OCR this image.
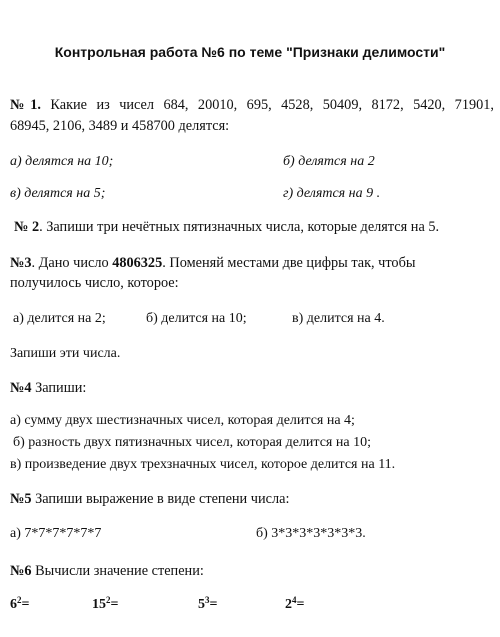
Контрольная работа №6 по теме "Признаки делимости"
№1. Какие из чисел 684, 20010, 695, 4528, 50409, 8172, 5420, 71901,
68945, 2106, 3489 и 458700 делятся:
а) делятся на 10;	б) делятся на 2
в) делятся на 5;	г) делятся на 9 .
№ 2. Запиши три нечётных пятизначных числа, которые делятся на 5.
№3. Дано число 4806325. Поменяй местами две цифры так, чтобы
получилось число, которое:
а) делится на 2;	б) делится на 10;	в) делится на 4.
Запиши эти числа.
№4 Запиши:
а) сумму двух шестизначных чисел, которая делится на 4;
б) разность двух пятизначных чисел, которая делится на 10;
в) произведение двух трехзначных чисел, которое делится на 11.
№5 Запиши выражение в виде степени числа:
а) 7*7*7*7*7*7	б) 3*3*3*3*3*3*3.
№6 Вычисли значение степени:
$6^2=$	$15^2=$	$5^3=$	$2^4=$
